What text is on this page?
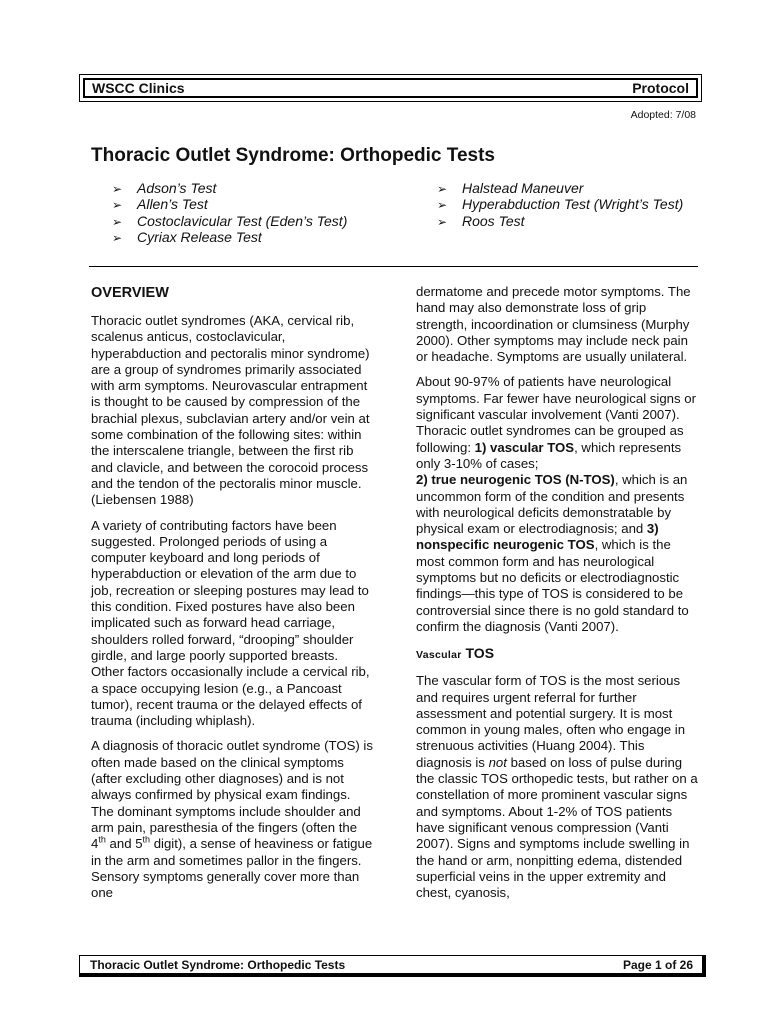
WSCC Clinics	Protocol
Adopted: 7/08
Thoracic Outlet Syndrome: Orthopedic Tests
➢ Adson’s Test
➢ Allen’s Test
➢ Costoclavicular Test (Eden’s Test)
➢ Cyriax Release Test
➢ Halstead Maneuver
➢ Hyperabduction Test (Wright’s Test)
➢ Roos Test
OVERVIEW

Thoracic outlet syndromes (AKA, cervical rib, scalenus anticus, costoclavicular, hyperabduction and pectoralis minor syndrome) are a group of syndromes primarily associated with arm symptoms. Neurovascular entrapment is thought to be caused by compression of the brachial plexus, subclavian artery and/or vein at some combination of the following sites: within the interscalene triangle, between the first rib and clavicle, and between the corocoid process and the tendon of the pectoralis minor muscle. (Liebensen 1988)

A variety of contributing factors have been suggested. Prolonged periods of using a computer keyboard and long periods of hyperabduction or elevation of the arm due to job, recreation or sleeping postures may lead to this condition. Fixed postures have also been implicated such as forward head carriage, shoulders rolled forward, “drooping” shoulder girdle, and large poorly supported breasts. Other factors occasionally include a cervical rib, a space occupying lesion (e.g., a Pancoast tumor), recent trauma or the delayed effects of trauma (including whiplash).

A diagnosis of thoracic outlet syndrome (TOS) is often made based on the clinical symptoms (after excluding other diagnoses) and is not always confirmed by physical exam findings. The dominant symptoms include shoulder and arm pain, paresthesia of the fingers (often the 4th and 5th digit), a sense of heaviness or fatigue in the arm and sometimes pallor in the fingers. Sensory symptoms generally cover more than one

dermatome and precede motor symptoms. The hand may also demonstrate loss of grip strength, incoordination or clumsiness (Murphy 2000). Other symptoms may include neck pain or headache. Symptoms are usually unilateral.

About 90-97% of patients have neurological symptoms. Far fewer have neurological signs or significant vascular involvement (Vanti 2007). Thoracic outlet syndromes can be grouped as following: 1) vascular TOS, which represents only 3-10% of cases;
2) true neurogenic TOS (N-TOS), which is an uncommon form of the condition and presents with neurological deficits demonstratable by physical exam or electrodiagnosis; and 3) nonspecific neurogenic TOS, which is the most common form and has neurological symptoms but no deficits or electrodiagnostic findings—this type of TOS is considered to be controversial since there is no gold standard to confirm the diagnosis (Vanti 2007).

Vascular TOS

The vascular form of TOS is the most serious and requires urgent referral for further assessment and potential surgery. It is most common in young males, often who engage in strenuous activities (Huang 2004). This diagnosis is not based on loss of pulse during the classic TOS orthopedic tests, but rather on a constellation of more prominent vascular signs and symptoms. About 1-2% of TOS patients have significant venous compression (Vanti 2007). Signs and symptoms include swelling in the hand or arm, nonpitting edema, distended superficial veins in the upper extremity and chest, cyanosis,

Thoracic Outlet Syndrome: Orthopedic Tests	Page 1 of 26
